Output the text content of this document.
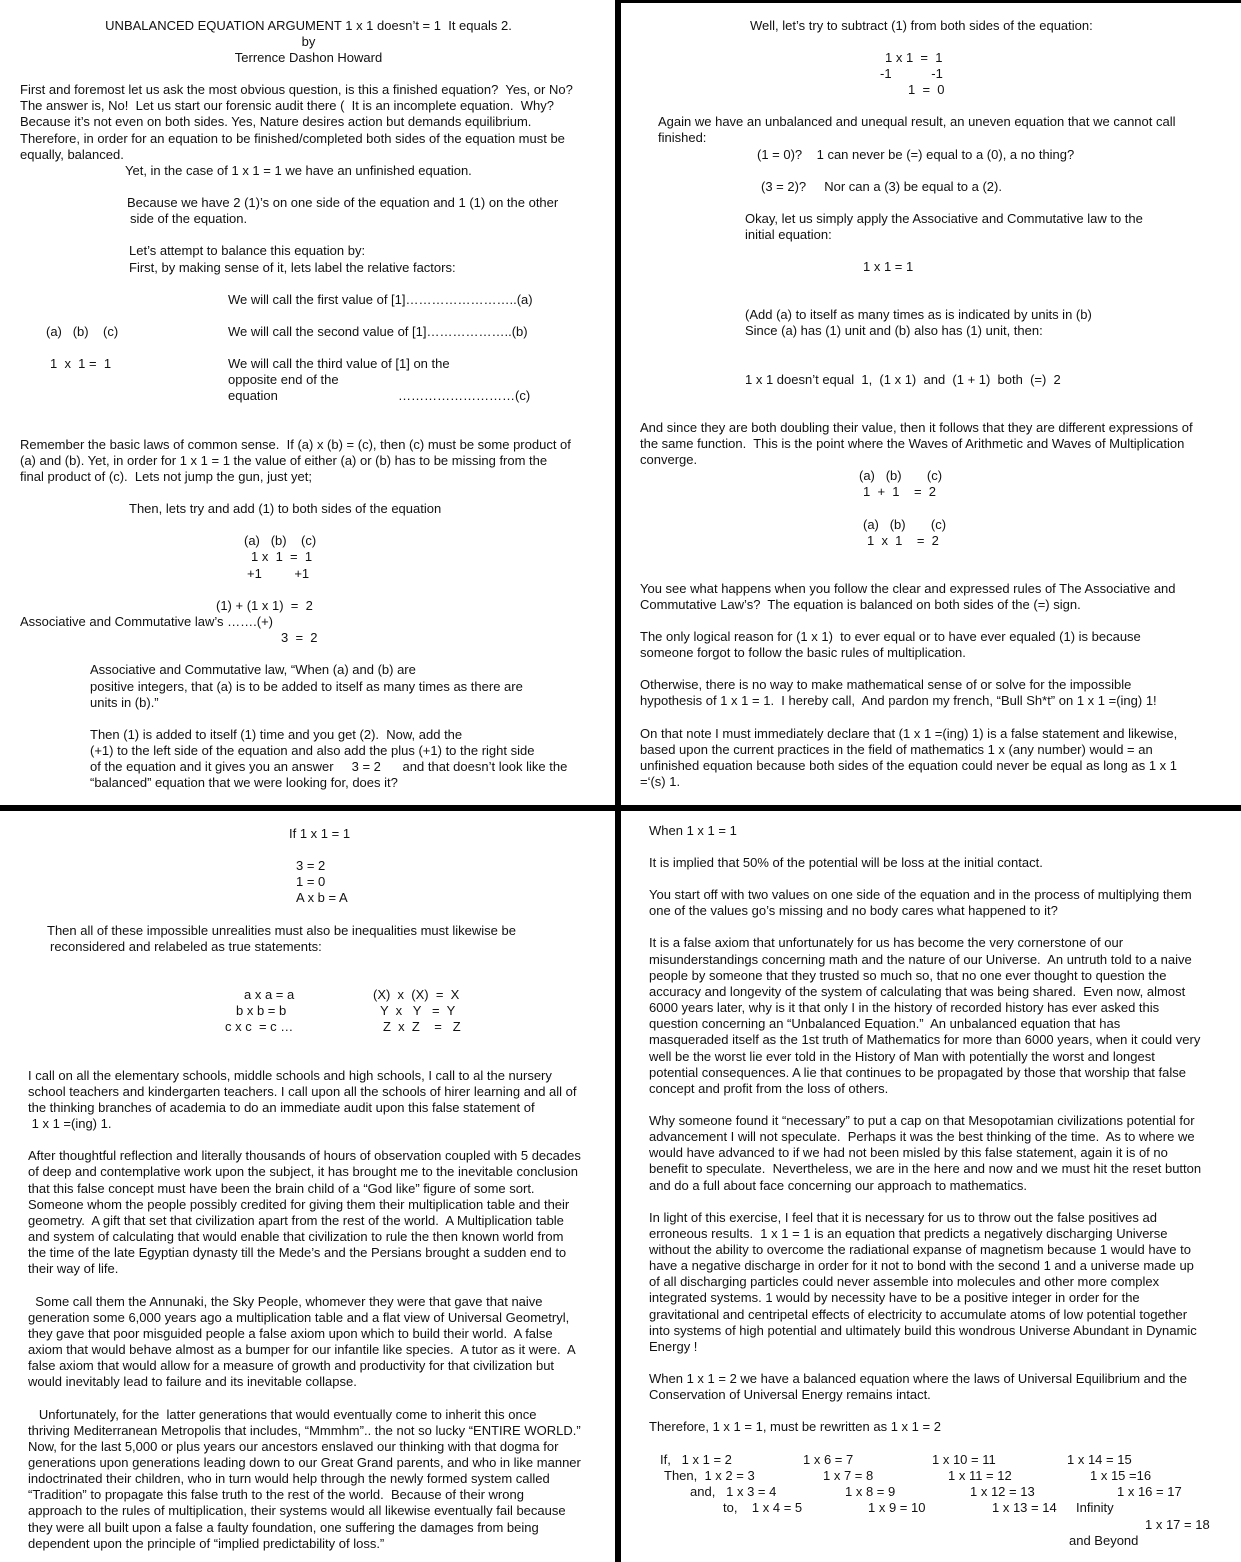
UNBALANCED EQUATION ARGUMENT 1 x 1 doesn’t = 1  It equals 2.
by
Terrence Dashon Howard
First and foremost let us ask the most obvious question, is this a finished equation?  Yes, or No?
The answer is, No!  Let us start our forensic audit there (  It is an incomplete equation.  Why?
Because it’s not even on both sides. Yes, Nature desires action but demands equilibrium.
Therefore, in order for an equation to be finished/completed both sides of the equation must be
equally, balanced.
Yet, in the case of 1 x 1 = 1 we have an unfinished equation.
Because we have 2 (1)’s on one side of the equation and 1 (1) on the other
side of the equation.
Let’s attempt to balance this equation by:
First, by making sense of it, lets label the relative factors:
We will call the first value of [1]……………………..(a)
(a)   (b)    (c)	We will call the second value of [1]………………..(b)
1  x  1 =  1	We will call the third value of [1] on the
opposite end of the
equation	………………………(c)
Remember the basic laws of common sense.  If (a) x (b) = (c), then (c) must be some product of
(a) and (b). Yet, in order for 1 x 1 = 1 the value of either (a) or (b) has to be missing from the
final product of (c).  Lets not jump the gun, just yet;
Then, lets try and add (1) to both sides of the equation
(a)   (b)    (c)
1 x  1  =  1
+1         +1
(1) + (1 x 1)  =  2
Associative and Commutative law’s …….(+)
3  =  2
Associative and Commutative law, “When (a) and (b) are
positive integers, that (a) is to be added to itself as many times as there are
units in (b).”
Then (1) is added to itself (1) time and you get (2).  Now, add the
(+1) to the left side of the equation and also add the plus (+1) to the right side
of the equation and it gives you an answer     3 = 2      and that doesn’t look like the
“balanced” equation that we were looking for, does it?
Well, let’s try to subtract (1) from both sides of the equation:
1 x 1  =  1
-1           -1
1  =  0
Again we have an unbalanced and unequal result, an uneven equation that we cannot call
finished:
(1 = 0)?    1 can never be (=) equal to a (0), a no thing?
(3 = 2)?     Nor can a (3) be equal to a (2).
Okay, let us simply apply the Associative and Commutative law to the
initial equation:
1 x 1 = 1
(Add (a) to itself as many times as is indicated by units in (b)
Since (a) has (1) unit and (b) also has (1) unit, then:
1 x 1 doesn’t equal  1,  (1 x 1)  and  (1 + 1)  both  (=)  2
And since they are both doubling their value, then it follows that they are different expressions of
the same function.  This is the point where the Waves of Arithmetic and Waves of Multiplication
converge.
(a)   (b)       (c)
1  +  1    =  2
(a)   (b)       (c)
1  x  1    =  2
You see what happens when you follow the clear and expressed rules of The Associative and
Commutative Law’s?  The equation is balanced on both sides of the (=) sign.
The only logical reason for (1 x 1)  to ever equal or to have ever equaled (1) is because
someone forgot to follow the basic rules of multiplication.
Otherwise, there is no way to make mathematical sense of or solve for the impossible
hypothesis of 1 x 1 = 1.  I hereby call,  And pardon my french, “Bull Sh*t” on 1 x 1 =(ing) 1!
On that note I must immediately declare that (1 x 1 =(ing) 1) is a false statement and likewise,
based upon the current practices in the field of mathematics 1 x (any number) would = an
unfinished equation because both sides of the equation could never be equal as long as 1 x 1
=‘(s) 1.
If 1 x 1 = 1
3 = 2
1 = 0
A x b = A
Then all of these impossible unrealities must also be inequalities must likewise be
reconsidered and relabeled as true statements:
a x a = a
b x b = b
c x c  = c …
(X)  x  (X)  =  X
Y  x   Y   =  Y
Z  x  Z    =   Z
I call on all the elementary schools, middle schools and high schools, I call to al the nursery
school teachers and kindergarten teachers. I call upon all the schools of hirer learning and all of
the thinking branches of academia to do an immediate audit upon this false statement of
1 x 1 =(ing) 1.
After thoughtful reflection and literally thousands of hours of observation coupled with 5 decades
of deep and contemplative work upon the subject, it has brought me to the inevitable conclusion
that this false concept must have been the brain child of a “God like” figure of some sort.
Someone whom the people possibly credited for giving them their multiplication table and their
geometry.  A gift that set that civilization apart from the rest of the world.  A Multiplication table
and system of calculating that would enable that civilization to rule the then known world from
the time of the late Egyptian dynasty till the Mede’s and the Persians brought a sudden end to
their way of life.
Some call them the Annunaki, the Sky People, whomever they were that gave that naive
generation some 6,000 years ago a multiplication table and a flat view of Universal Geometryl,
they gave that poor misguided people a false axiom upon which to build their world.  A false
axiom that would behave almost as a bumper for our infantile like species.  A tutor as it were.  A
false axiom that would allow for a measure of growth and productivity for that civilization but
would inevitably lead to failure and its inevitable collapse.
Unfortunately, for the  latter generations that would eventually come to inherit this once
thriving Mediterranean Metropolis that includes, “Mmmhm”.. the not so lucky “ENTIRE WORLD.”
Now, for the last 5,000 or plus years our ancestors enslaved our thinking with that dogma for
generations upon generations leading down to our Great Grand parents, and who in like manner
indoctrinated their children, who in turn would help through the newly formed system called
“Tradition” to propagate this false truth to the rest of the world.  Because of their wrong
approach to the rules of multiplication, their systems would all likewise eventually fail because
they were all built upon a false a faulty foundation, one suffering the damages from being
dependent upon the principle of “implied predictability of loss.”
When 1 x 1 = 1
It is implied that 50% of the potential will be loss at the initial contact.
You start off with two values on one side of the equation and in the process of multiplying them
one of the values go’s missing and no body cares what happened to it?
It is a false axiom that unfortunately for us has become the very cornerstone of our
misunderstandings concerning math and the nature of our Universe.  An untruth told to a naive
people by someone that they trusted so much so, that no one ever thought to question the
accuracy and longevity of the system of calculating that was being shared.  Even now, almost
6000 years later, why is it that only I in the history of recorded history has ever asked this
question concerning an “Unbalanced Equation.”  An unbalanced equation that has
masqueraded itself as the 1st truth of Mathematics for more than 6000 years, when it could very
well be the worst lie ever told in the History of Man with potentially the worst and longest
potential consequences. A lie that continues to be propagated by those that worship that false
concept and profit from the loss of others.
Why someone found it “necessary” to put a cap on that Mesopotamian civilizations potential for
advancement I will not speculate.  Perhaps it was the best thinking of the time.  As to where we
would have advanced to if we had not been misled by this false statement, again it is of no
benefit to speculate.  Nevertheless, we are in the here and now and we must hit the reset button
and do a full about face concerning our approach to mathematics.
In light of this exercise, I feel that it is necessary for us to throw out the false positives ad
erroneous results.  1 x 1 = 1 is an equation that predicts a negatively discharging Universe
without the ability to overcome the radiational expanse of magnetism because 1 would have to
have a negative discharge in order for it not to bond with the second 1 and a universe made up
of all discharging particles could never assemble into molecules and other more complex
integrated systems. 1 would by necessity have to be a positive integer in order for the
gravitational and centripetal effects of electricity to accumulate atoms of low potential together
into systems of high potential and ultimately build this wondrous Universe Abundant in Dynamic
Energy !
When 1 x 1 = 2 we have a balanced equation where the laws of Universal Equilibrium and the
Conservation of Universal Energy remains intact.
Therefore, 1 x 1 = 1, must be rewritten as 1 x 1 = 2
If,   1 x 1 = 2
Then,  1 x 2 = 3
and,   1 x 3 = 4
to,    1 x 4 = 5
1 x 6 = 7
1 x 7 = 8
1 x 8 = 9
1 x 9 = 10
1 x 10 = 11
1 x 11 = 12
1 x 12 = 13
1 x 13 = 14
1 x 14 = 15
1 x 15 =16
1 x 16 = 17
Infinity
1 x 17 = 18
and Beyond
